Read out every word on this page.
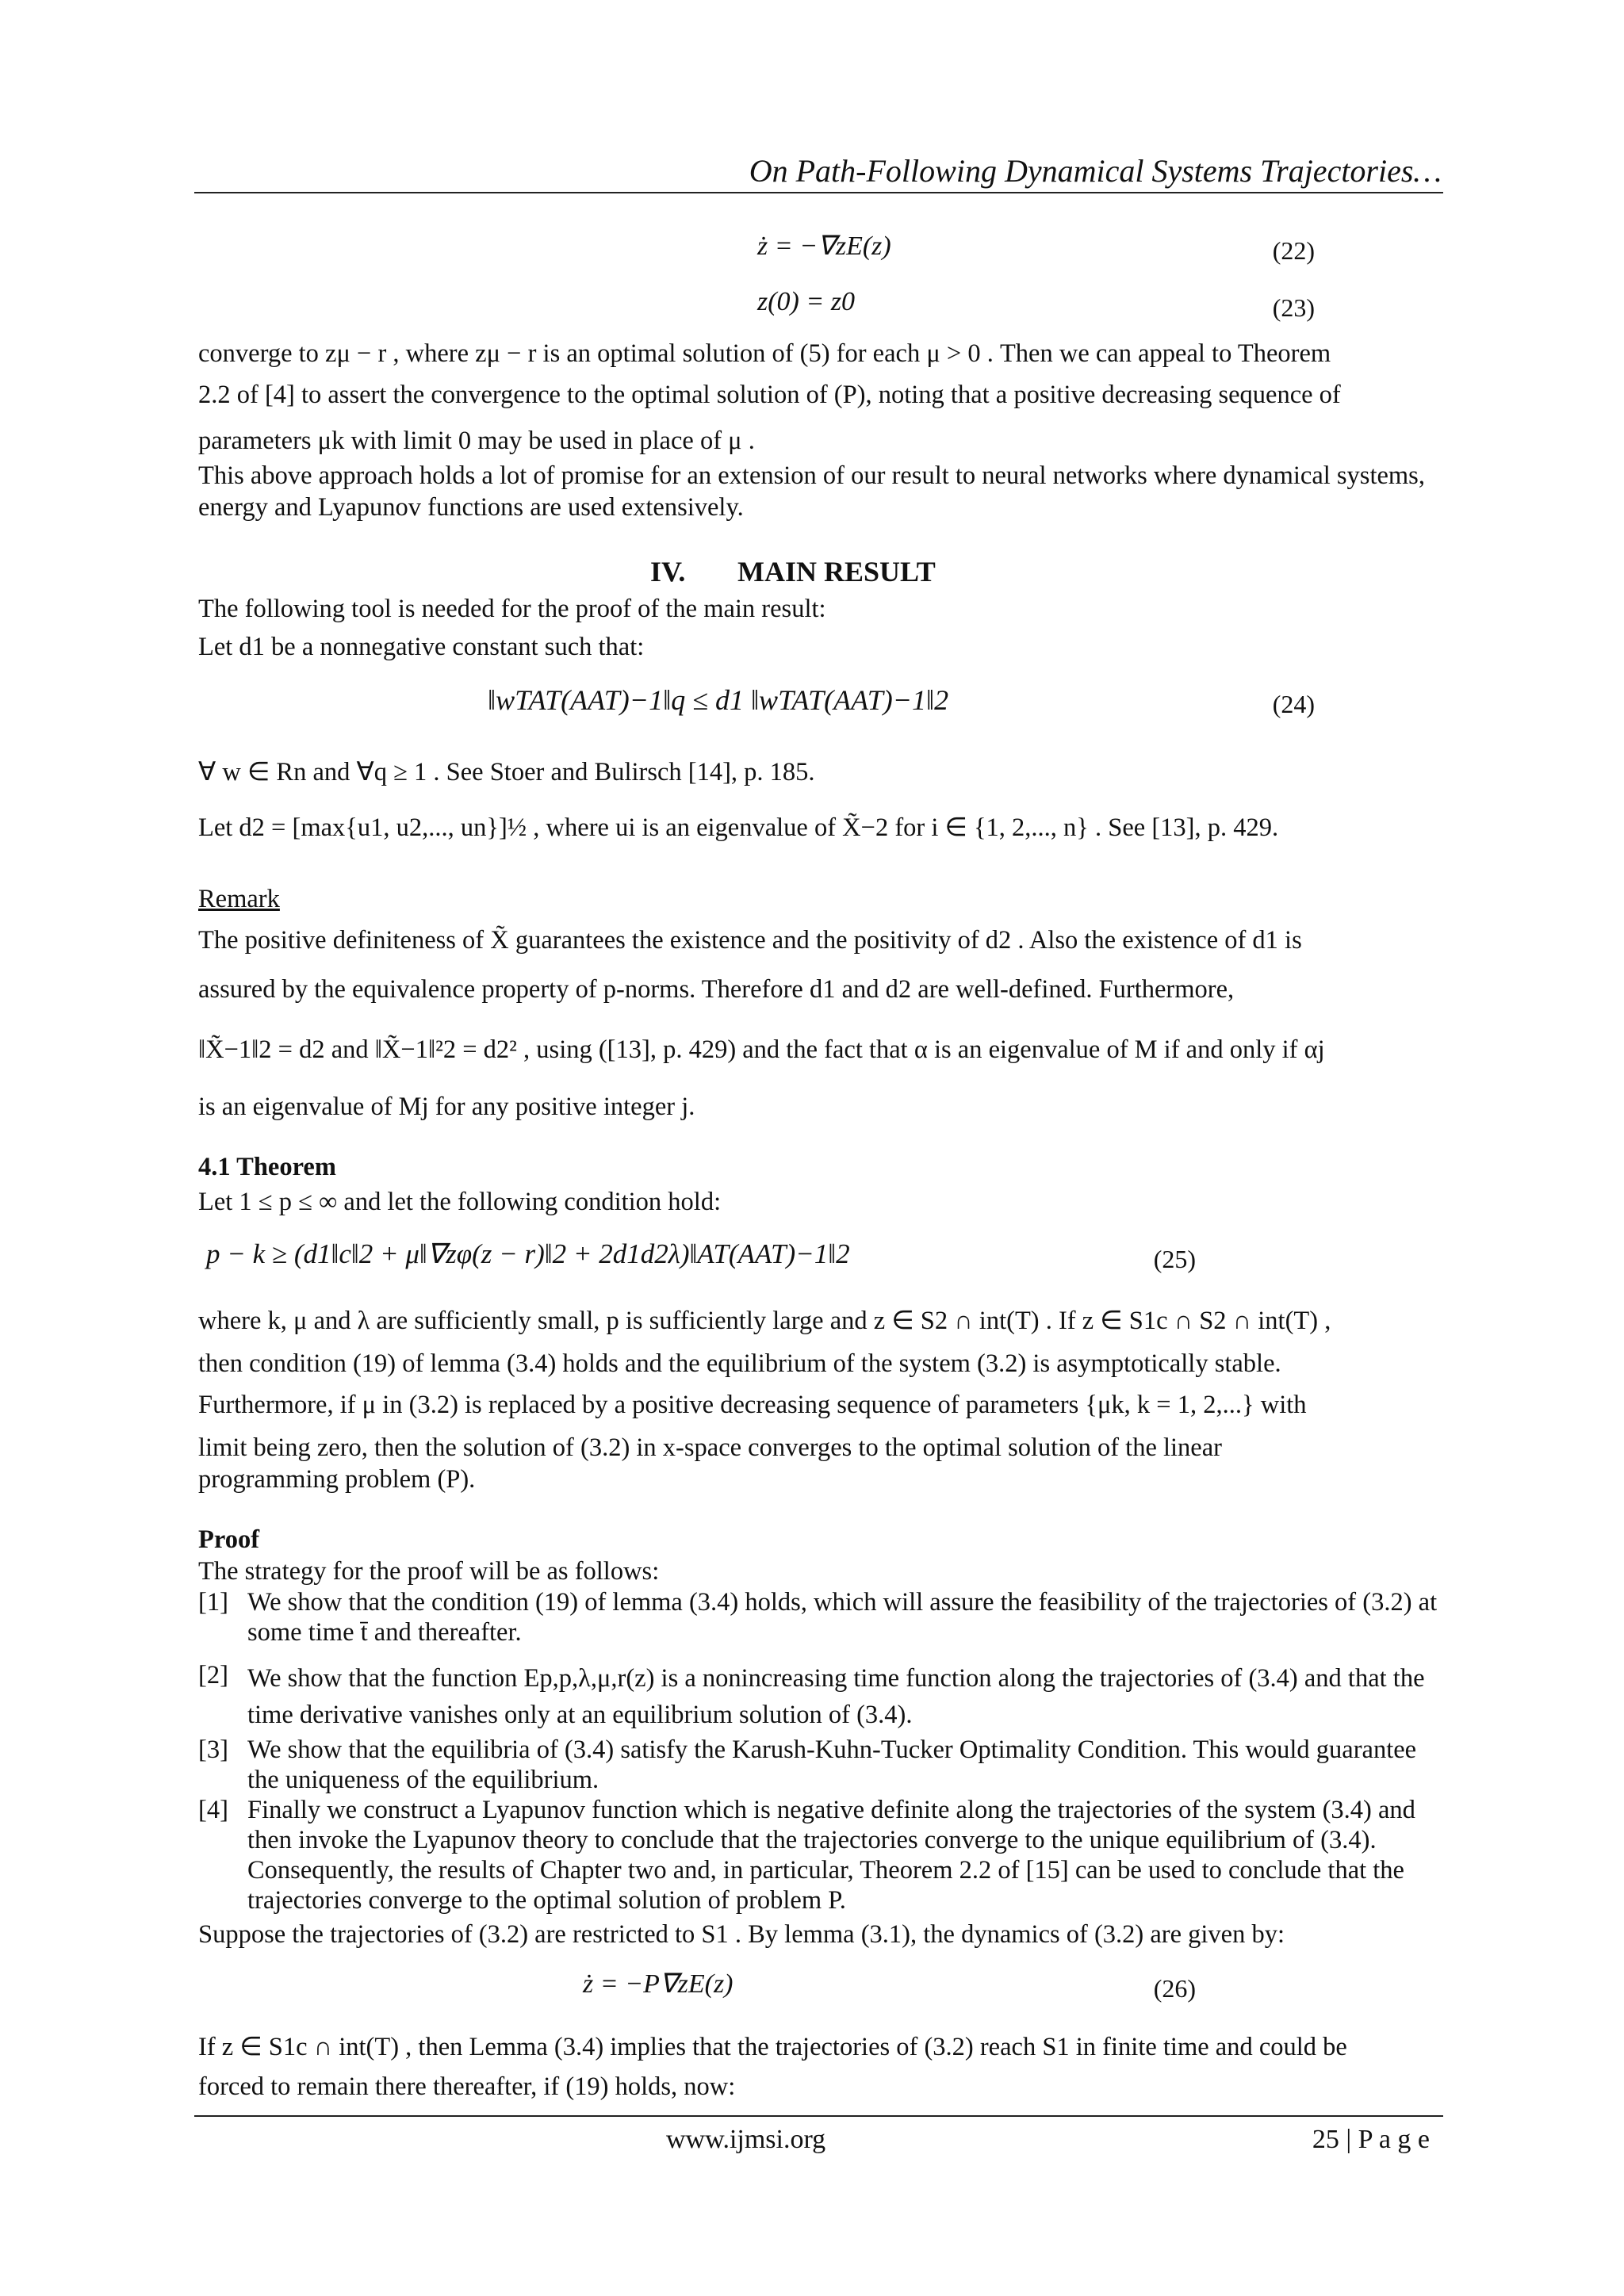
On Path-Following Dynamical Systems Trajectories…
ż = −∇zE(z)	(22)
z(0) = z0	(23)
converge to zμ − r , where zμ − r is an optimal solution of (5) for each μ > 0 . Then we can appeal to Theorem
2.2 of [4] to assert the convergence to the optimal solution of (P), noting that a positive decreasing sequence of
parameters μk with limit 0 may be used in place of μ .
This above approach holds a lot of promise for an extension of our result to neural networks where dynamical systems, energy and Lyapunov functions are used extensively.
IV. MAIN RESULT
The following tool is needed for the proof of the main result:
Let d1 be a nonnegative constant such that:
‖wTAT(AAT)−1‖q ≤ d1 ‖wTAT(AAT)−1‖2	(24)
∀ w ∈ Rn and ∀q ≥ 1 . See Stoer and Bulirsch [14], p. 185.
Let d2 = [max{u1, u2,..., un}]½ , where ui is an eigenvalue of X̃−2 for i ∈ {1, 2,..., n} . See [13], p. 429.
Remark
The positive definiteness of X̃ guarantees the existence and the positivity of d2 . Also the existence of d1 is
assured by the equivalence property of p-norms. Therefore d1 and d2 are well-defined. Furthermore,
‖X̃−1‖2 = d2 and ‖X̃−1‖²2 = d2² , using ([13], p. 429) and the fact that α is an eigenvalue of M if and only if αj
is an eigenvalue of Mj for any positive integer j.
4.1 Theorem
Let 1 ≤ p ≤ ∞ and let the following condition hold:
p − k ≥ (d1‖c‖2 + μ‖∇zφ(z − r)‖2 + 2d1d2λ)‖AT(AAT)−1‖2	(25)
where k, μ and λ are sufficiently small, p is sufficiently large and z ∈ S2 ∩ int(T) . If z ∈ S1c ∩ S2 ∩ int(T) ,
then condition (19) of lemma (3.4) holds and the equilibrium of the system (3.2) is asymptotically stable.
Furthermore, if μ in (3.2) is replaced by a positive decreasing sequence of parameters {μk, k = 1, 2,...} with
limit being zero, then the solution of (3.2) in x-space converges to the optimal solution of the linear
programming problem (P).
Proof
The strategy for the proof will be as follows:
[1] We show that the condition (19) of lemma (3.4) holds, which will assure the feasibility of the trajectories of (3.2) at some time t̄ and thereafter.
[2] We show that the function Ep,p,λ,μ,r(z) is a nonincreasing time function along the trajectories of (3.4) and that the time derivative vanishes only at an equilibrium solution of (3.4).
[3] We show that the equilibria of (3.4) satisfy the Karush-Kuhn-Tucker Optimality Condition. This would guarantee the uniqueness of the equilibrium.
[4] Finally we construct a Lyapunov function which is negative definite along the trajectories of the system (3.4) and then invoke the Lyapunov theory to conclude that the trajectories converge to the unique equilibrium of (3.4). Consequently, the results of Chapter two and, in particular, Theorem 2.2 of [15] can be used to conclude that the trajectories converge to the optimal solution of problem P.
Suppose the trajectories of (3.2) are restricted to S1 . By lemma (3.1), the dynamics of (3.2) are given by:
ż = −P∇zE(z)	(26)
If z ∈ S1c ∩ int(T) , then Lemma (3.4) implies that the trajectories of (3.2) reach S1 in finite time and could be
forced to remain there thereafter, if (19) holds, now:
www.ijmsi.org	25 | P a g e
